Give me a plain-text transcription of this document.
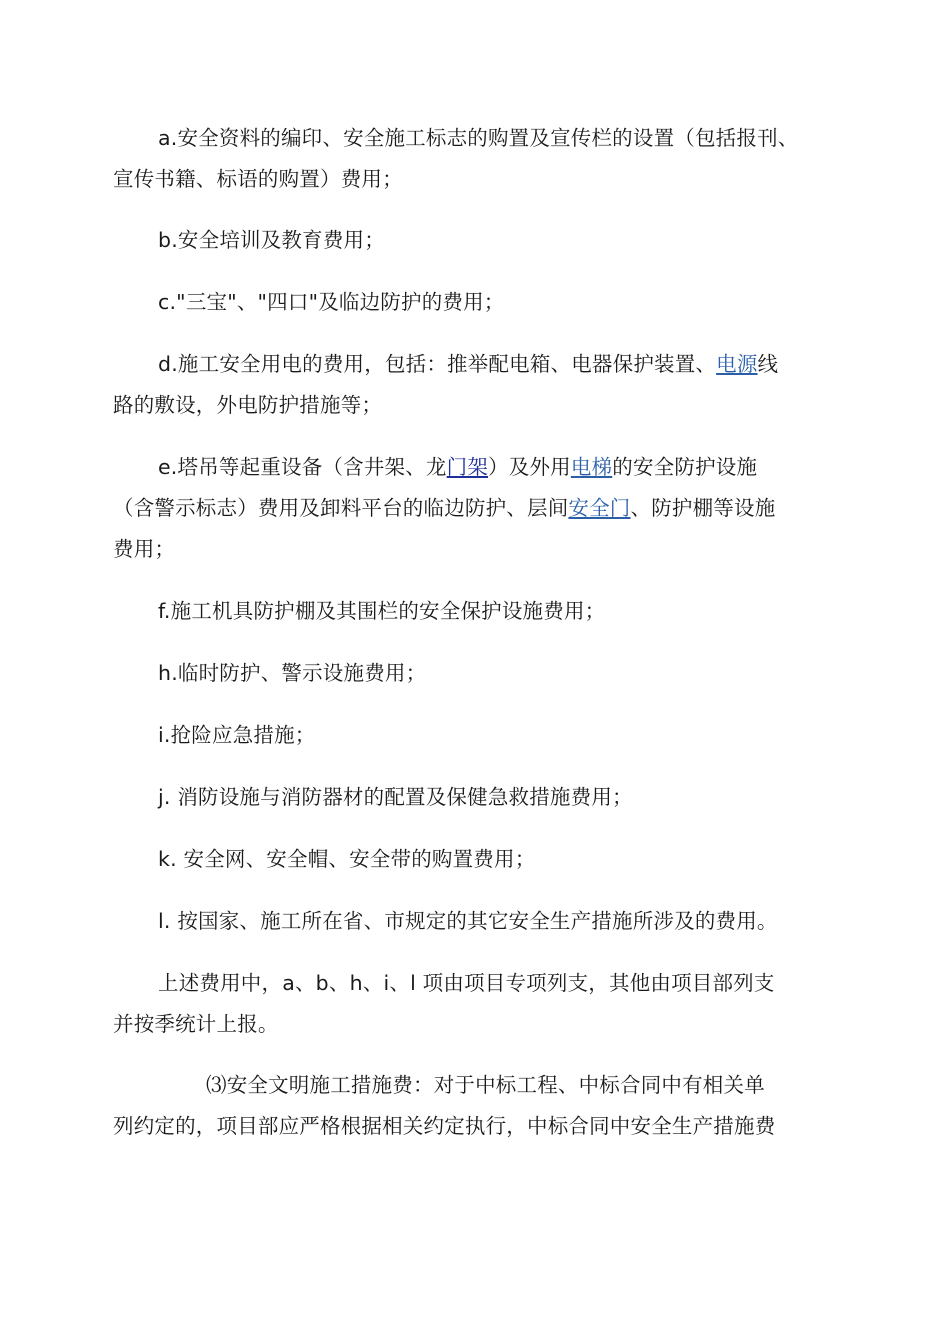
a.安全资料的编印、安全施工标志的购置及宣传栏的设置（包括报刊、
宣传书籍、标语的购置）费用；
b.安全培训及教育费用；
c."三宝"、"四口"及临边防护的费用；
d.施工安全用电的费用，包括：推举配电箱、电器保护装置、电源线
路的敷设，外电防护措施等；
e.塔吊等起重设备（含井架、龙门架）及外用电梯的安全防护设施
（含警示标志）费用及卸料平台的临边防护、层间安全门、防护棚等设施
费用；
f.施工机具防护棚及其围栏的安全保护设施费用；
h.临时防护、警示设施费用；
i.抢险应急措施；
j. 消防设施与消防器材的配置及保健急救措施费用；
k. 安全网、安全帽、安全带的购置费用；
l. 按国家、施工所在省、市规定的其它安全生产措施所涉及的费用。
上述费用中，a、b、h、i、l 项由项目专项列支，其他由项目部列支
并按季统计上报。
⑶安全文明施工措施费：对于中标工程、中标合同中有相关单
列约定的，项目部应严格根据相关约定执行，中标合同中安全生产措施费
